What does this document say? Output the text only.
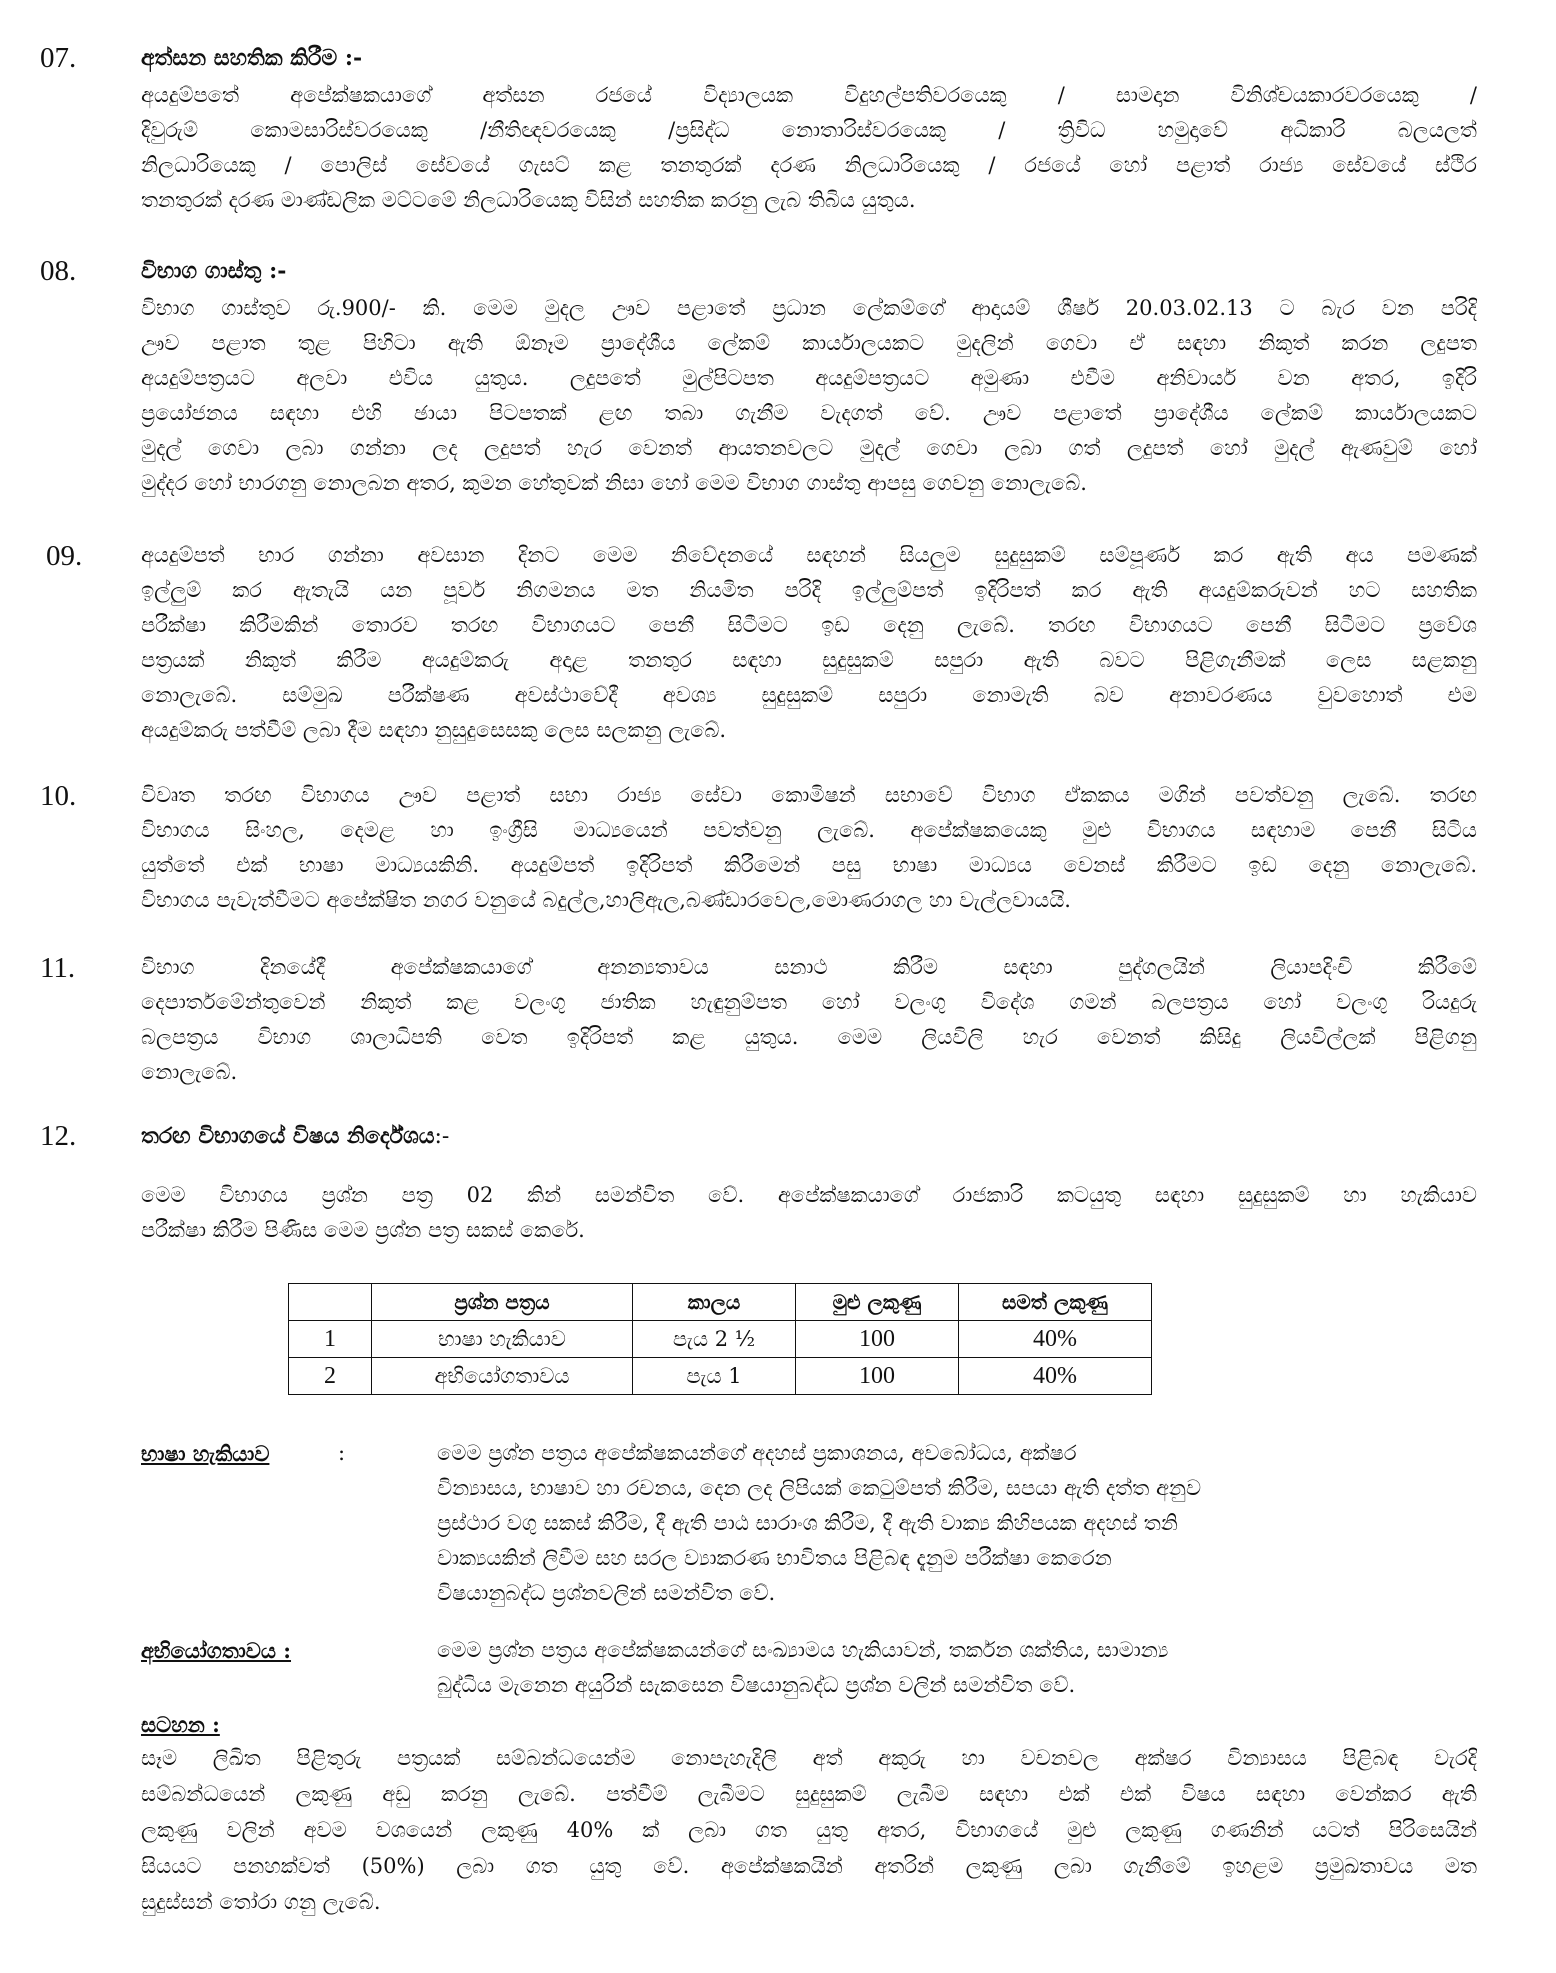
07.	අත්සන සහතික කිරීම :-
අයදුම්පතේ අපේක්ෂකයාගේ අත්සන රජයේ විද්‍යාලයක විදුහල්පතිවරයෙකු / සාමදාන විනිශ්චයකාරවරයෙකු /
දිවුරුම් කොමසාරිස්වරයෙකු /නීතිඥවරයෙකු /ප්‍රසිද්ධ නොතාරිස්වරයෙකු / ත්‍රිවිධ හමුදාවේ අධිකාරි බලයලත්
නිලධාරියෙකු / පොලිස් සේවයේ ගැසට් කළ තනතුරක් දරණ නිලධාරියෙකු / රජයේ හෝ පළාත් රාජ්‍ය සේවයේ ස්ථිර
තනතුරක් දරණ මාණ්ඩලික මට්ටමේ නිලධාරියෙකු විසින් සහතික කරනු ලැබ තිබිය යුතුය.
08.	විභාග ගාස්තු :-
විභාග ගාස්තුව රු.900/- කි. මෙම මුදල ඌව පළාතේ ප්‍රධාන ලේකම්ගේ ආදායම් ශීර්ෂ 20.03.02.13 ට බැර වන පරිදි
ඌව පළාත තුළ පිහිටා ඇති ඕනෑම ප්‍රාදේශීය ලේකම් කාර්යාලයකට මුදලින් ගෙවා ඒ සඳහා නිකුත් කරන ලදුපත
අයදුම්පත්‍රයට අලවා එවිය යුතුය. ලදුපතේ මුල්පිටපත අයදුම්පත්‍රයට අමුණා එවීම අනිවාර්ය වන අතර, ඉදිරි
ප්‍රයෝජනය සඳහා එහි ඡායා පිටපතක් ළඟ තබා ගැනීම වැදගත් වේ. ඌව පළාතේ ප්‍රාදේශීය ලේකම් කාර්යාලයකට
මුදල් ගෙවා ලබා ගන්නා ලද ලදුපත් හැර වෙනත් ආයතනවලට මුදල් ගෙවා ලබා ගත් ලදුපත් හෝ මුදල් ඇණවුම් හෝ
මුද්දර හෝ භාරගනු නොලබන අතර, කුමන හේතුවක් නිසා හෝ මෙම විභාග ගාස්තු ආපසු ගෙවනු නොලැබේ.
09.	අයදුම්පත් භාර ගන්නා අවසාන දිනට මෙම නිවේදනයේ සඳහන් සියලුම සුදුසුකම් සම්පූර්ණ කර ඇති අය පමණක්
ඉල්ලුම් කර ඇතැයි යන පූර්ව නිගමනය මත නියමිත පරිදි ඉල්ලුම්පත් ඉදිරිපත් කර ඇති අයදුම්කරුවන් හට සහතික
පරීක්ෂා කිරීමකින් තොරව තරඟ විභාගයට පෙනී සිටීමට ඉඩ දෙනු ලැබේ. තරඟ විභාගයට පෙනී සිටීමට ප්‍රවේශ
පත්‍රයක් නිකුත් කිරීම අයදුම්කරු අදාළ තනතුර සඳහා සුදුසුකම් සපුරා ඇති බවට පිළිගැනීමක් ලෙස සළකනු
නොලැබේ. සම්මුඛ පරීක්ෂණ අවස්ථාවේදී අවශ්‍ය සුදුසුකම් සපුරා නොමැති බව අනාවරණය වුවහොත් එම
අයදුම්කරු පත්වීම් ලබා දීම සඳහා නුසුදුසෙසකු ලෙස සලකනු ලැබේ.
10.	විවෘත තරඟ විභාගය ඌව පළාත් සභා රාජ්‍ය සේවා කොමිෂන් සභාවේ විභාග ඒකකය මගින් පවත්වනු ලැබේ. තරඟ
විභාගය සිංහල, දෙමළ හා ඉංග්‍රීසි මාධ්‍යයෙන් පවත්වනු ලැබේ. අපේක්ෂකයෙකු මුළු විභාගය සඳහාම පෙනී සිටිය
යුත්තේ එක් භාෂා මාධ්‍යයකිනි. අයදුම්පත් ඉදිරිපත් කිරීමෙන් පසු භාෂා මාධ්‍යය වෙනස් කිරීමට ඉඩ දෙනු නොලැබේ.
විභාගය පැවැත්වීමට අපේක්ෂිත නගර වනුයේ බදුල්ල,හාලිඇල,බණ්ඩාරවෙල,මොණරාගල හා වැල්ලවායයි.
11.	විභාග දිනයේදී අපේක්ෂකයාගේ අනන්‍යතාවය සනාථ කිරීම සඳහා පුද්ගලයින් ලියාපදිංචි කිරීමේ
දෙපාර්තමේන්තුවෙන් නිකුත් කළ වලංගු ජාතික හැඳුනුම්පත හෝ වලංගු විදේශ ගමන් බලපත්‍රය හෝ වලංගු රියදුරු
බලපත්‍රය විභාග ශාලාධිපති වෙත ඉදිරිපත් කළ යුතුය. මෙම ලියවිලි හැර වෙනත් කිසිදු ලියවිල්ලක් පිළිගනු
නොලැබේ.
12.	තරඟ විභාගයේ විෂය නිර්දේශය:-
මෙම විභාගය ප්‍රශ්න පත්‍ර 02 කින් සමන්විත වේ. අපේක්ෂකයාගේ රාජකාරි කටයුතු සඳහා සුදුසුකම් හා හැකියාව
පරීක්ෂා කිරීම පිණිස මෙම ප්‍රශ්න පත්‍ර සකස් කෙරේ.
	ප්‍රශ්න පත්‍රය	කාලය	මුළු ලකුණු	සමත් ලකුණු
1	භාෂා හැකියාව	පැය 2 ½	100	40%
2	අභියෝගතාවය	පැය 1	100	40%
භාෂා හැකියාව	:	මෙම ප්‍රශ්න පත්‍රය අපේක්ෂකයන්ගේ අදහස් ප්‍රකාශනය, අවබෝධය, අක්ෂර
වින්‍යාසය, භාෂාව හා රචනය, දෙන ලද ලිපියක් කෙටුම්පත් කිරීම, සපයා ඇති දත්ත අනුව
ප්‍රස්ථාර වගු සකස් කිරීම, දී ඇති පාඨ සාරාංශ කිරීම, දී ඇති වාක්‍ය කිහිපයක අදහස් තනි
වාක්‍යයකින් ලිවීම සහ සරල ව්‍යාකරණ භාවිතය පිළිබඳ දැනුම පරීක්ෂා කෙරෙන
විෂයානුබද්ධ ප්‍රශ්නවලින් සමන්විත වේ.
අභියෝගතාවය :	මෙම ප්‍රශ්න පත්‍රය අපේක්ෂකයන්ගේ සංඛ්‍යාමය හැකියාවන්, තර්කන ශක්තිය, සාමාන්‍ය
බුද්ධිය මැනෙන අයුරින් සැකසෙන විෂයානුබද්ධ ප්‍රශ්න වලින් සමන්විත වේ.
සටහන :
සෑම ලිඛිත පිළිතුරු පත්‍රයක් සම්බන්ධයෙන්ම නොපැහැදිලි අත් අකුරු හා වචනවල අක්ෂර වින්‍යාසය පිළිබඳ වැරදි
සම්බන්ධයෙන් ලකුණු අඩු කරනු ලැබේ. පත්වීම් ලැබීමට සුදුසුකම් ලැබීම සඳහා එක් එක් විෂය සඳහා වෙන්කර ඇති
ලකුණු වලින් අවම වශයෙන් ලකුණු 40% ක් ලබා ගත යුතු අතර, විභාගයේ මුළු ලකුණු ගණනින් යටත් පිරිසෙයින්
සියයට පනහක්වත් (50%) ලබා ගත යුතු වේ. අපේක්ෂකයින් අතරින් ලකුණු ලබා ගැනීමේ ඉහළම ප්‍රමුඛතාවය මත
සුදුස්සන් තෝරා ගනු ලැබේ.
